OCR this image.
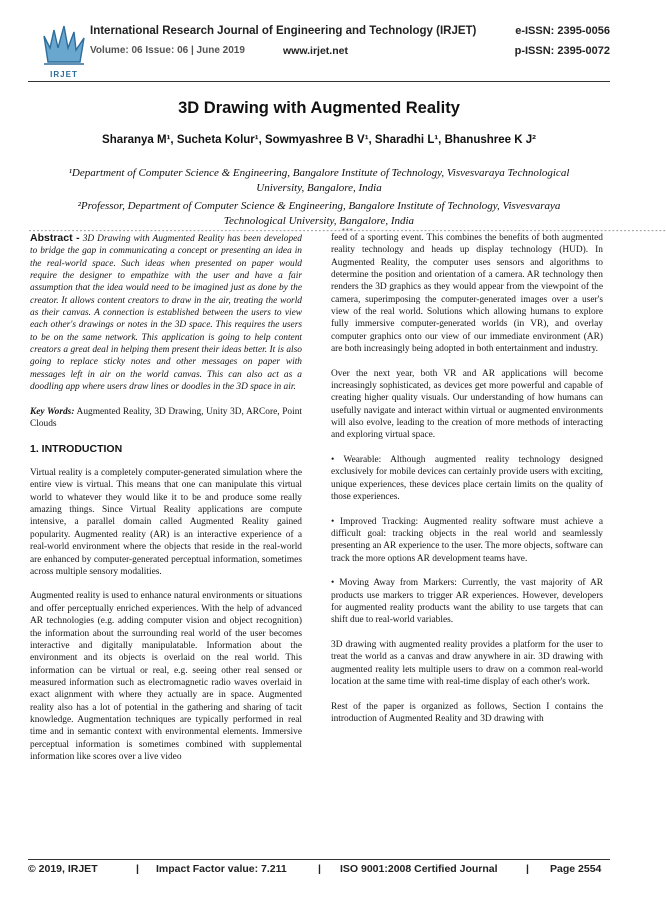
IRJET
International Research Journal of Engineering and Technology (IRJET)	e-ISSN: 2395-0056
Volume: 06 Issue: 06 | June 2019	www.irjet.net	p-ISSN: 2395-0072
3D Drawing with Augmented Reality
Sharanya M¹, Sucheta Kolur¹, Sowmyashree B V¹, Sharadhi L¹, Bhanushree K J²
¹Department of Computer Science & Engineering, Bangalore Institute of Technology, Visvesvaraya Technological University, Bangalore, India
²Professor, Department of Computer Science & Engineering, Bangalore Institute of Technology, Visvesvaraya Technological University, Bangalore, India
--------------------------------------------------------------------------------***--------------------------------------------------------------------------------

Abstract - 3D Drawing with Augmented Reality has been developed to bridge the gap in communicating a concept or presenting an idea in the real-world space. Such ideas when presented on paper would require the designer to empathize with the user and have a fair assumption that the idea would need to be imagined just as done by the creator. It allows content creators to draw in the air, treating the world as their canvas. A connection is established between the users to view each other's drawings or notes in the 3D space. This requires the users to be on the same network. This application is going to help content creators a great deal in helping them present their ideas better. It is also going to replace sticky notes and other messages on paper with messages left in air on the world canvas. This can also act as a doodling app where users draw lines or doodles in the 3D space in air.

Key Words: Augmented Reality, 3D Drawing, Unity 3D, ARCore, Point Clouds

1. INTRODUCTION

Virtual reality is a completely computer-generated simulation where the entire view is virtual. This means that one can manipulate this virtual world to whatever they would like it to be and produce some really amazing things. Since Virtual Reality applications are compute intensive, a parallel domain called Augmented Reality gained popularity. Augmented reality (AR) is an interactive experience of a real-world environment where the objects that reside in the real-world are enhanced by computer-generated perceptual information, sometimes across multiple sensory modalities.

Augmented reality is used to enhance natural environments or situations and offer perceptually enriched experiences. With the help of advanced AR technologies (e.g. adding computer vision and object recognition) the information about the surrounding real world of the user becomes interactive and digitally manipulatable. Information about the environment and its objects is overlaid on the real world. This information can be virtual or real, e.g. seeing other real sensed or measured information such as electromagnetic radio waves overlaid in exact alignment with where they actually are in space. Augmented reality also has a lot of potential in the gathering and sharing of tacit knowledge. Augmentation techniques are typically performed in real time and in semantic context with environmental elements. Immersive perceptual information is sometimes combined with supplemental information like scores over a live video

feed of a sporting event. This combines the benefits of both augmented reality technology and heads up display technology (HUD). In Augmented Reality, the computer uses sensors and algorithms to determine the position and orientation of a camera. AR technology then renders the 3D graphics as they would appear from the viewpoint of the camera, superimposing the computer-generated images over a user's view of the real world. Solutions which allowing humans to explore fully immersive computer-generated worlds (in VR), and overlay computer graphics onto our view of our immediate environment (AR) are both increasingly being adopted in both entertainment and industry.

Over the next year, both VR and AR applications will become increasingly sophisticated, as devices get more powerful and capable of creating higher quality visuals. Our understanding of how humans can usefully navigate and interact within virtual or augmented environments will also evolve, leading to the creation of more methods of interacting and exploring virtual space.

• Wearable: Although augmented reality technology designed exclusively for mobile devices can certainly provide users with exciting, unique experiences, these devices place certain limits on the quality of those experiences.

• Improved Tracking: Augmented reality software must achieve a difficult goal: tracking objects in the real world and seamlessly presenting an AR experience to the user. The more objects, software can track the more options AR development teams have.

• Moving Away from Markers: Currently, the vast majority of AR products use markers to trigger AR experiences. However, developers for augmented reality products want the ability to use targets that can shift due to real-world variables.

3D drawing with augmented reality provides a platform for the user to treat the world as a canvas and draw anywhere in air. 3D drawing with augmented reality lets multiple users to draw on a common real-world location at the same time with real-time display of each other's work.

Rest of the paper is organized as follows, Section I contains the introduction of Augmented Reality and 3D drawing with

© 2019, IRJET	| Impact Factor value: 7.211	| ISO 9001:2008 Certified Journal	| Page 2554
